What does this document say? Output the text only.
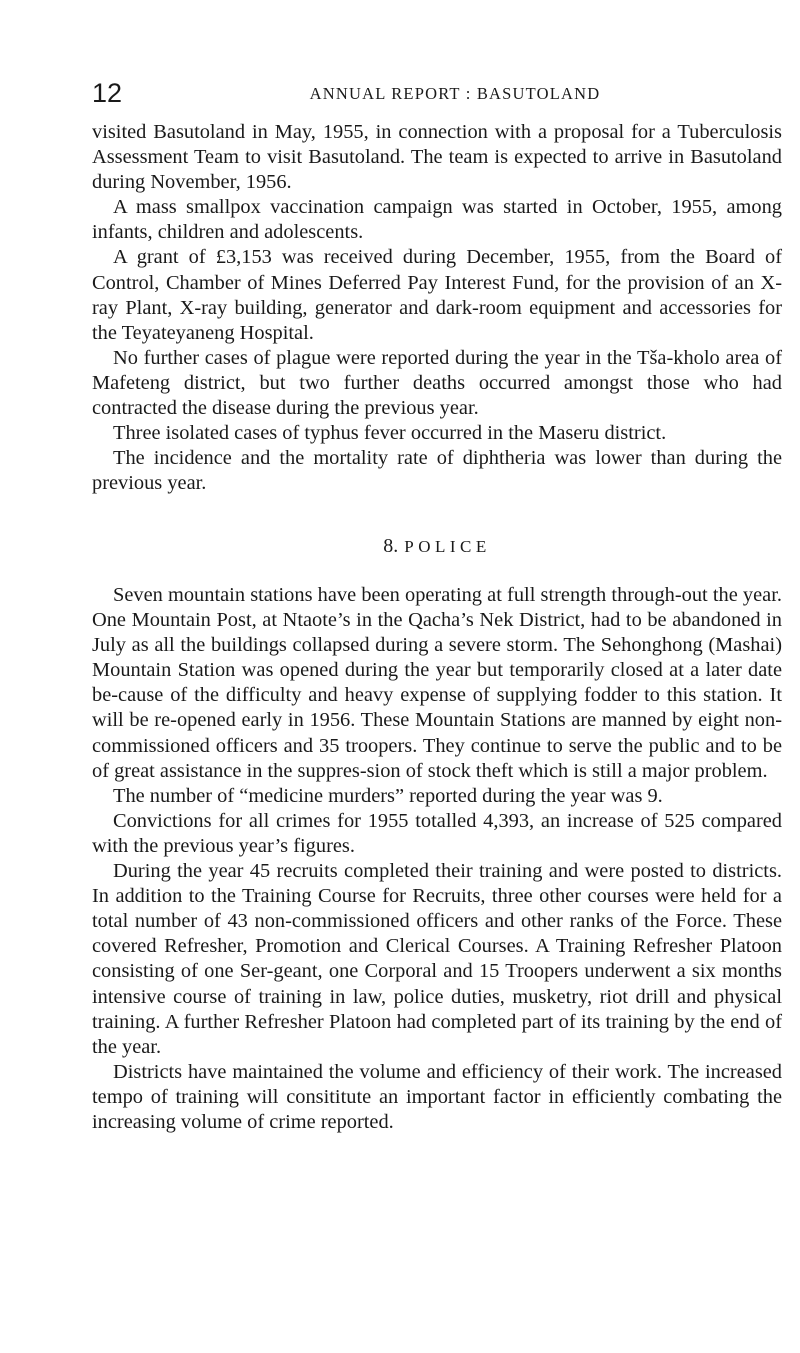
12	ANNUAL REPORT : BASUTOLAND

visited Basutoland in May, 1955, in connection with a proposal for a Tuberculosis Assessment Team to visit Basutoland. The team is expected to arrive in Basutoland during November, 1956.

A mass smallpox vaccination campaign was started in October, 1955, among infants, children and adolescents.

A grant of £3,153 was received during December, 1955, from the Board of Control, Chamber of Mines Deferred Pay Interest Fund, for the provision of an X-ray Plant, X-ray building, generator and dark-room equipment and accessories for the Teyateyaneng Hospital.

No further cases of plague were reported during the year in the Tša-kholo area of Mafeteng district, but two further deaths occurred amongst those who had contracted the disease during the previous year.

Three isolated cases of typhus fever occurred in the Maseru district.

The incidence and the mortality rate of diphtheria was lower than during the previous year.

8. POLICE

Seven mountain stations have been operating at full strength through-out the year. One Mountain Post, at Ntaote’s in the Qacha’s Nek District, had to be abandoned in July as all the buildings collapsed during a severe storm. The Sehonghong (Mashai) Mountain Station was opened during the year but temporarily closed at a later date be-cause of the difficulty and heavy expense of supplying fodder to this station. It will be re-opened early in 1956. These Mountain Stations are manned by eight non-commissioned officers and 35 troopers. They continue to serve the public and to be of great assistance in the suppres-sion of stock theft which is still a major problem.

The number of “medicine murders” reported during the year was 9.

Convictions for all crimes for 1955 totalled 4,393, an increase of 525 compared with the previous year’s figures.

During the year 45 recruits completed their training and were posted to districts. In addition to the Training Course for Recruits, three other courses were held for a total number of 43 non-commissioned officers and other ranks of the Force. These covered Refresher, Promotion and Clerical Courses. A Training Refresher Platoon consisting of one Ser-geant, one Corporal and 15 Troopers underwent a six months intensive course of training in law, police duties, musketry, riot drill and physical training. A further Refresher Platoon had completed part of its training by the end of the year.

Districts have maintained the volume and efficiency of their work. The increased tempo of training will consititute an important factor in efficiently combating the increasing volume of crime reported.
